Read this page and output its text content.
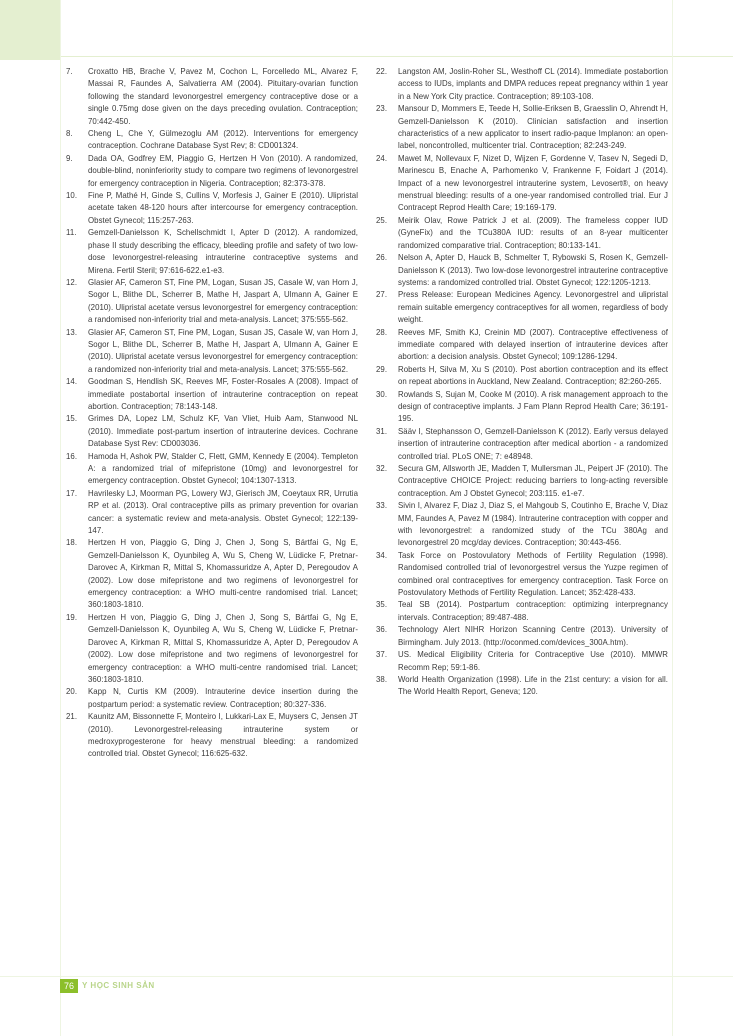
7.	Croxatto HB, Brache V, Pavez M, Cochon L, Forcelledo ML, Alvarez F, Massai R, Faundes A, Salvatierra AM (2004). Pituitary-ovarian function following the standard levonorgestrel emergency contraceptive dose or a single 0.75mg dose given on the days preceding ovulation. Contraception; 70:442-450.
8.	Cheng L, Che Y, Gülmezoglu AM (2012). Interventions for emergency contraception. Cochrane Database Syst Rev; 8: CD001324.
9.	Dada OA, Godfrey EM, Piaggio G, Hertzen H Von (2010). A randomized, double-blind, noninferiority study to compare two regimens of levonorgestrel for emergency contraception in Nigeria. Contraception; 82:373-378.
10.	Fine P, Mathé H, Ginde S, Cullins V, Morfesis J, Gainer E (2010). Ulipristal acetate taken 48-120 hours after intercourse for emergency contraception. Obstet Gynecol; 115:257-263.
11.	Gemzell-Danielsson K, Schellschmidt I, Apter D (2012). A randomized, phase II study describing the efficacy, bleeding profile and safety of two low-dose levonorgestrel-releasing intrauterine contraceptive systems and Mirena. Fertil Steril; 97:616-622.e1-e3.
12.	Glasier AF, Cameron ST, Fine PM, Logan, Susan JS, Casale W, van Horn J, Sogor L, Blithe DL, Scherrer B, Mathe H, Jaspart A, Ulmann A, Gainer E (2010). Ulipristal acetate versus levonorgestrel for emergency contraception: a randomised non-inferiority trial and meta-analysis. Lancet; 375:555-562.
13.	Glasier AF, Cameron ST, Fine PM, Logan, Susan JS, Casale W, van Horn J, Sogor L, Blithe DL, Scherrer B, Mathe H, Jaspart A, Ulmann A, Gainer E (2010). Ulipristal acetate versus levonorgestrel for emergency contraception: a randomized non-inferiority trial and meta-analysis. Lancet; 375:555-562.
14.	Goodman S, Hendlish SK, Reeves MF, Foster-Rosales A (2008). Impact of immediate postabortal insertion of intrauterine contraception on repeat abortion. Contraception; 78:143-148.
15.	Grimes DA, Lopez LM, Schulz KF, Van Vliet, Huib Aam, Stanwood NL (2010). Immediate post-partum insertion of intrauterine devices. Cochrane Database Syst Rev: CD003036.
16.	Hamoda H, Ashok PW, Stalder C, Flett, GMM, Kennedy E (2004). Templeton A: a randomized trial of mifepristone (10mg) and levonorgestrel for emergency contraception. Obstet Gynecol; 104:1307-1313.
17.	Havrilesky LJ, Moorman PG, Lowery WJ, Gierisch JM, Coeytaux RR, Urrutia RP et al. (2013). Oral contraceptive pills as primary prevention for ovarian cancer: a systematic review and meta-analysis. Obstet Gynecol; 122:139-147.
18.	Hertzen H von, Piaggio G, Ding J, Chen J, Song S, Bártfai G, Ng E, Gemzell-Danielsson K, Oyunbileg A, Wu S, Cheng W, Lüdicke F, Pretnar-Darovec A, Kirkman R, Mittal S, Khomassuridze A, Apter D, Peregoudov A (2002). Low dose mifepristone and two regimens of levonorgestrel for emergency contraception: a WHO multi-centre randomised trial. Lancet; 360:1803-1810.
19.	Hertzen H von, Piaggio G, Ding J, Chen J, Song S, Bártfai G, Ng E, Gemzell-Danielsson K, Oyunbileg A, Wu S, Cheng W, Lüdicke F, Pretnar-Darovec A, Kirkman R, Mittal S, Khomassuridze A, Apter D, Peregoudov A (2002). Low dose mifepristone and two regimens of levonorgestrel for emergency contraception: a WHO multi-centre randomised trial. Lancet; 360:1803-1810.
20.	Kapp N, Curtis KM (2009). Intrauterine device insertion during the postpartum period: a systematic review. Contraception; 80:327-336.
21.	Kaunitz AM, Bissonnette F, Monteiro I, Lukkari-Lax E, Muysers C, Jensen JT (2010). Levonorgestrel-releasing intrauterine system or medroxyprogesterone for heavy menstrual bleeding: a randomized controlled trial. Obstet Gynecol; 116:625-632.
22.	Langston AM, Joslin-Roher SL, Westhoff CL (2014). Immediate postabortion access to IUDs, implants and DMPA reduces repeat pregnancy within 1 year in a New York City practice. Contraception; 89:103-108.
23.	Mansour D, Mommers E, Teede H, Sollie-Eriksen B, Graesslin O, Ahrendt H, Gemzell-Danielsson K (2010). Clinician satisfaction and insertion characteristics of a new applicator to insert radio-paque Implanon: an open-label, noncontrolled, multicenter trial. Contraception; 82:243-249.
24.	Mawet M, Nollevaux F, Nizet D, Wijzen F, Gordenne V, Tasev N, Segedi D, Marinescu B, Enache A, Parhomenko V, Frankenne F, Foidart J (2014). Impact of a new levonorgestrel intrauterine system, Levosert®, on heavy menstrual bleeding: results of a one-year randomised controlled trial. Eur J Contracept Reprod Health Care; 19:169-179.
25.	Meirik Olav, Rowe Patrick J et al. (2009). The frameless copper IUD (GyneFix) and the TCu380A IUD: results of an 8-year multicenter randomized comparative trial. Contraception; 80:133-141.
26.	Nelson A, Apter D, Hauck B, Schmelter T, Rybowski S, Rosen K, Gemzell-Danielsson K (2013). Two low-dose levonorgestrel intrauterine contraceptive systems: a randomized controlled trial. Obstet Gynecol; 122:1205-1213.
27.	Press Release: European Medicines Agency. Levonorgestrel and ulipristal remain suitable emergency contraceptives for all women, regardless of body weight.
28.	Reeves MF, Smith KJ, Creinin MD (2007). Contraceptive effectiveness of immediate compared with delayed insertion of intrauterine devices after abortion: a decision analysis. Obstet Gynecol; 109:1286-1294.
29.	Roberts H, Silva M, Xu S (2010). Post abortion contraception and its effect on repeat abortions in Auckland, New Zealand. Contraception; 82:260-265.
30.	Rowlands S, Sujan M, Cooke M (2010). A risk management approach to the design of contraceptive implants. J Fam Plann Reprod Health Care; 36:191-195.
31.	Sääv I, Stephansson O, Gemzell-Danielsson K (2012). Early versus delayed insertion of intrauterine contraception after medical abortion - a randomized controlled trial. PLoS ONE; 7: e48948.
32.	Secura GM, Allsworth JE, Madden T, Mullersman JL, Peipert JF (2010). The Contraceptive CHOICE Project: reducing barriers to long-acting reversible contraception. Am J Obstet Gynecol; 203:115. e1-e7.
33.	Sivin I, Alvarez F, Diaz J, Diaz S, el Mahgoub S, Coutinho E, Brache V, Diaz MM, Faundes A, Pavez M (1984). Intrauterine contraception with copper and with levonorgestrel: a randomized study of the TCu 380Ag and levonorgestrel 20 mcg/day devices. Contraception; 30:443-456.
34.	Task Force on Postovulatory Methods of Fertility Regulation (1998). Randomised controlled trial of levonorgestrel versus the Yuzpe regimen of combined oral contraceptives for emergency contraception. Task Force on Postovulatory Methods of Fertility Regulation. Lancet; 352:428-433.
35.	Teal SB (2014). Postpartum contraception: optimizing interpregnancy intervals. Contraception; 89:487-488.
36.	Technology Alert NIHR Horizon Scanning Centre (2013). University of Birmingham. July 2013. (http://oconmed.com/devices_300A.htm).
37.	US. Medical Eligibility Criteria for Contraceptive Use (2010). MMWR Recomm Rep; 59:1-86.
38.	World Health Organization (1998). Life in the 21st century: a vision for all. The World Health Report, Geneva; 120.
76 Y HỌC SINH SẢN
